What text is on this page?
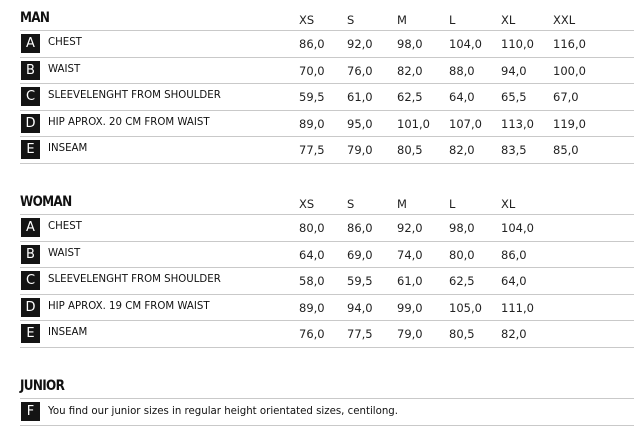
MAN	XS	S	M	L	XL	XXL
A	CHEST	86,0 92,0 98,0 104,0 110,0 116,0
B	WAIST	70,0 76,0 82,0 88,0 94,0 100,0
C	SLEEVELENGHT FROM SHOULDER	59,5 61,0 62,5 64,0 65,5 67,0
D	HIP APROX. 20 CM FROM WAIST	89,0 95,0 101,0 107,0 113,0 119,0
E	INSEAM	77,5 79,0 80,5 82,0 83,5 85,0
WOMAN	XS	S	M	L	XL
A	CHEST	80,0 86,0 92,0 98,0 104,0
B	WAIST	64,0 69,0 74,0 80,0 86,0
C	SLEEVELENGHT FROM SHOULDER	58,0 59,5 61,0 62,5 64,0
D	HIP APROX. 19 CM FROM WAIST	89,0 94,0 99,0 105,0 111,0
E	INSEAM	76,0 77,5 79,0 80,5 82,0
JUNIOR
F	You find our junior sizes in regular height orientated sizes, centilong.
